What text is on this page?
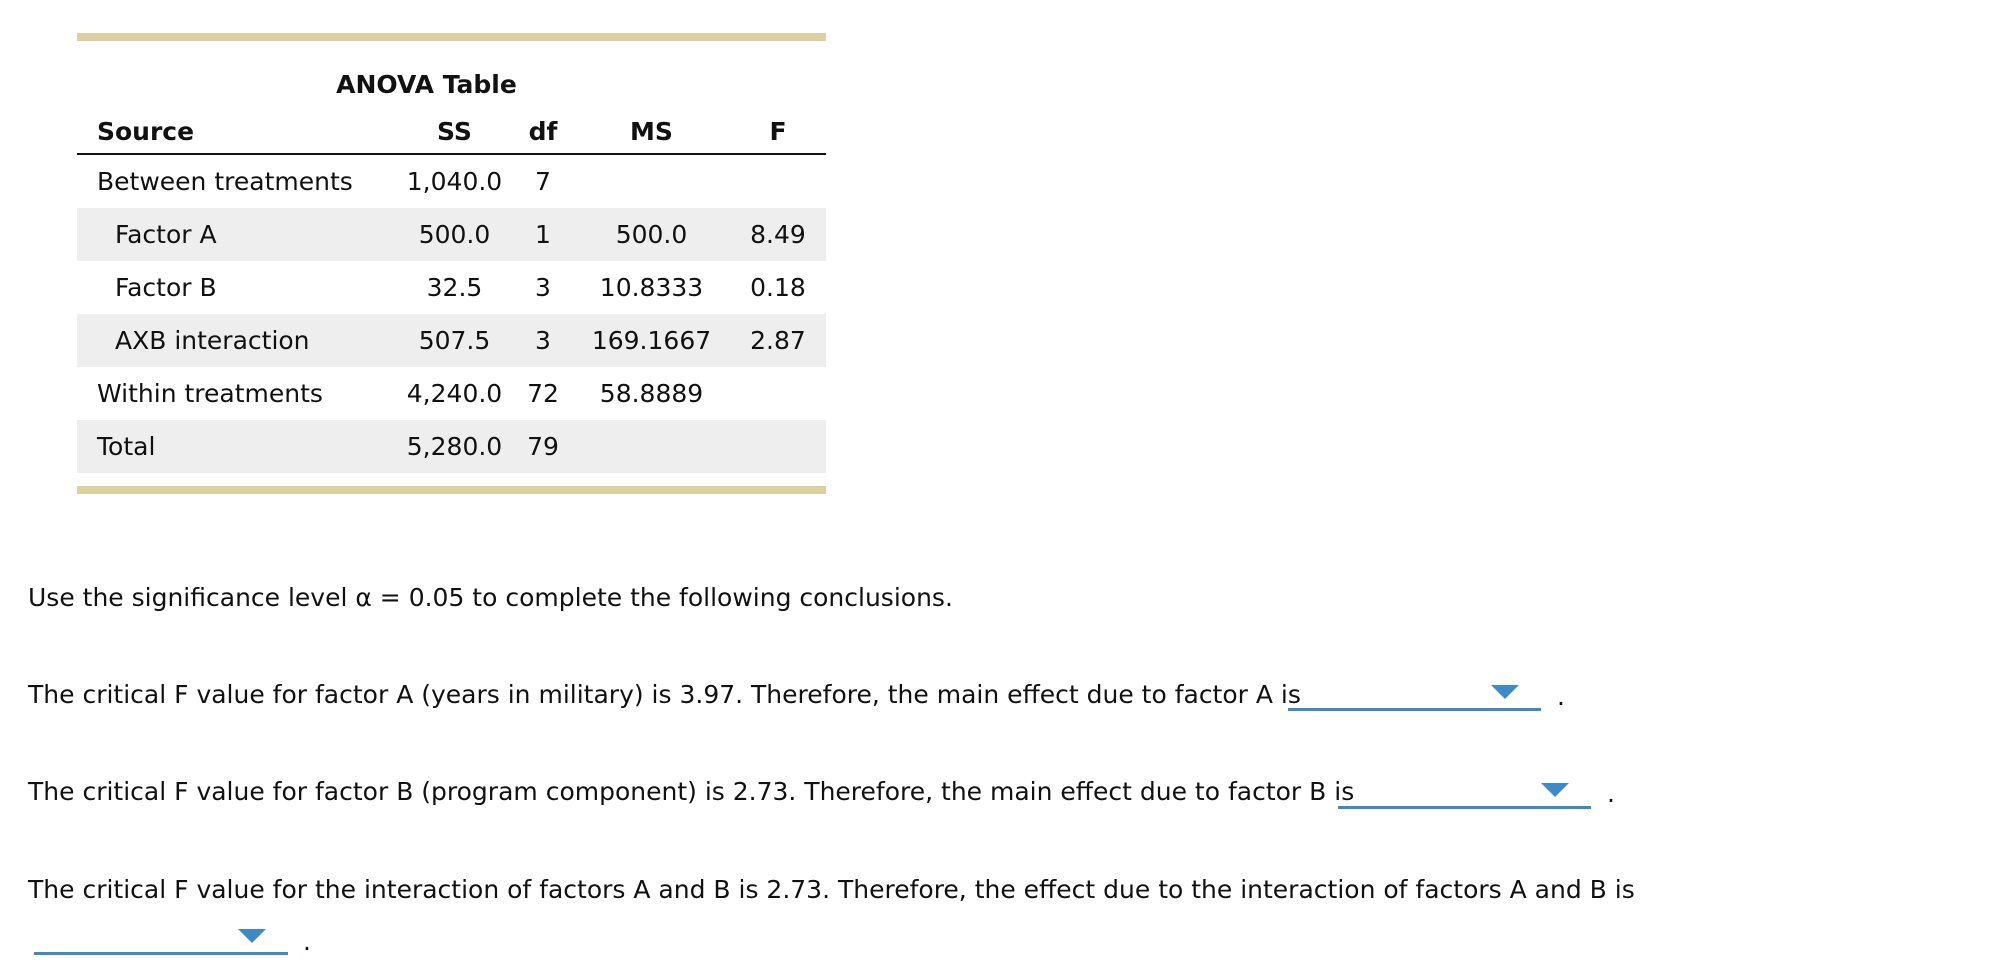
ANOVA Table
Source	SS	df	MS	F
Between treatments	1,040.0	7		
Factor A	500.0	1	500.0	8.49
Factor B	32.5	3	10.8333	0.18
AXB interaction	507.5	3	169.1667	2.87
Within treatments	4,240.0	72	58.8889	
Total	5,280.0	79		
Use the significance level α = 0.05 to complete the following conclusions.
The critical F value for factor A (years in military) is 3.97. Therefore, the main effect due to factor A is	.
The critical F value for factor B (program component) is 2.73. Therefore, the main effect due to factor B is	.
The critical F value for the interaction of factors A and B is 2.73. Therefore, the effect due to the interaction of factors A and B is
.
